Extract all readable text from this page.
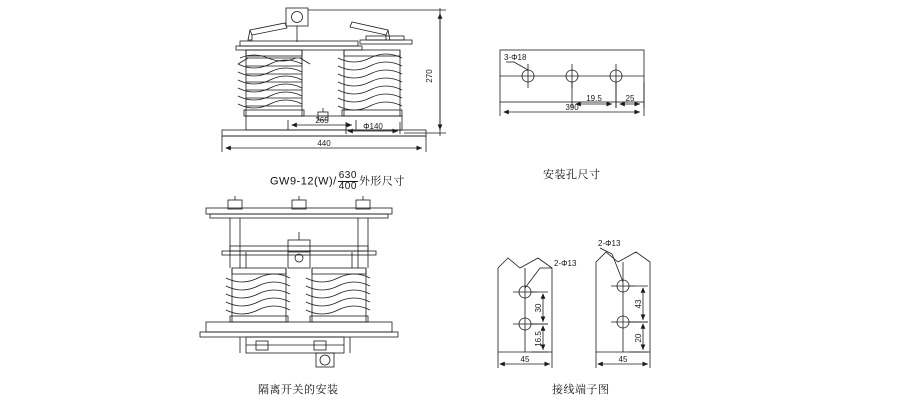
270
440
265
Φ140
3-Φ18
390
19.5	25
2-Φ13
30
16.5
45
2-Φ13
43
20
45
$GW9-12(W)/ \frac{630}{400}$ 外形尺寸
安装孔尺寸
隔离开关的安装	接线端子图
